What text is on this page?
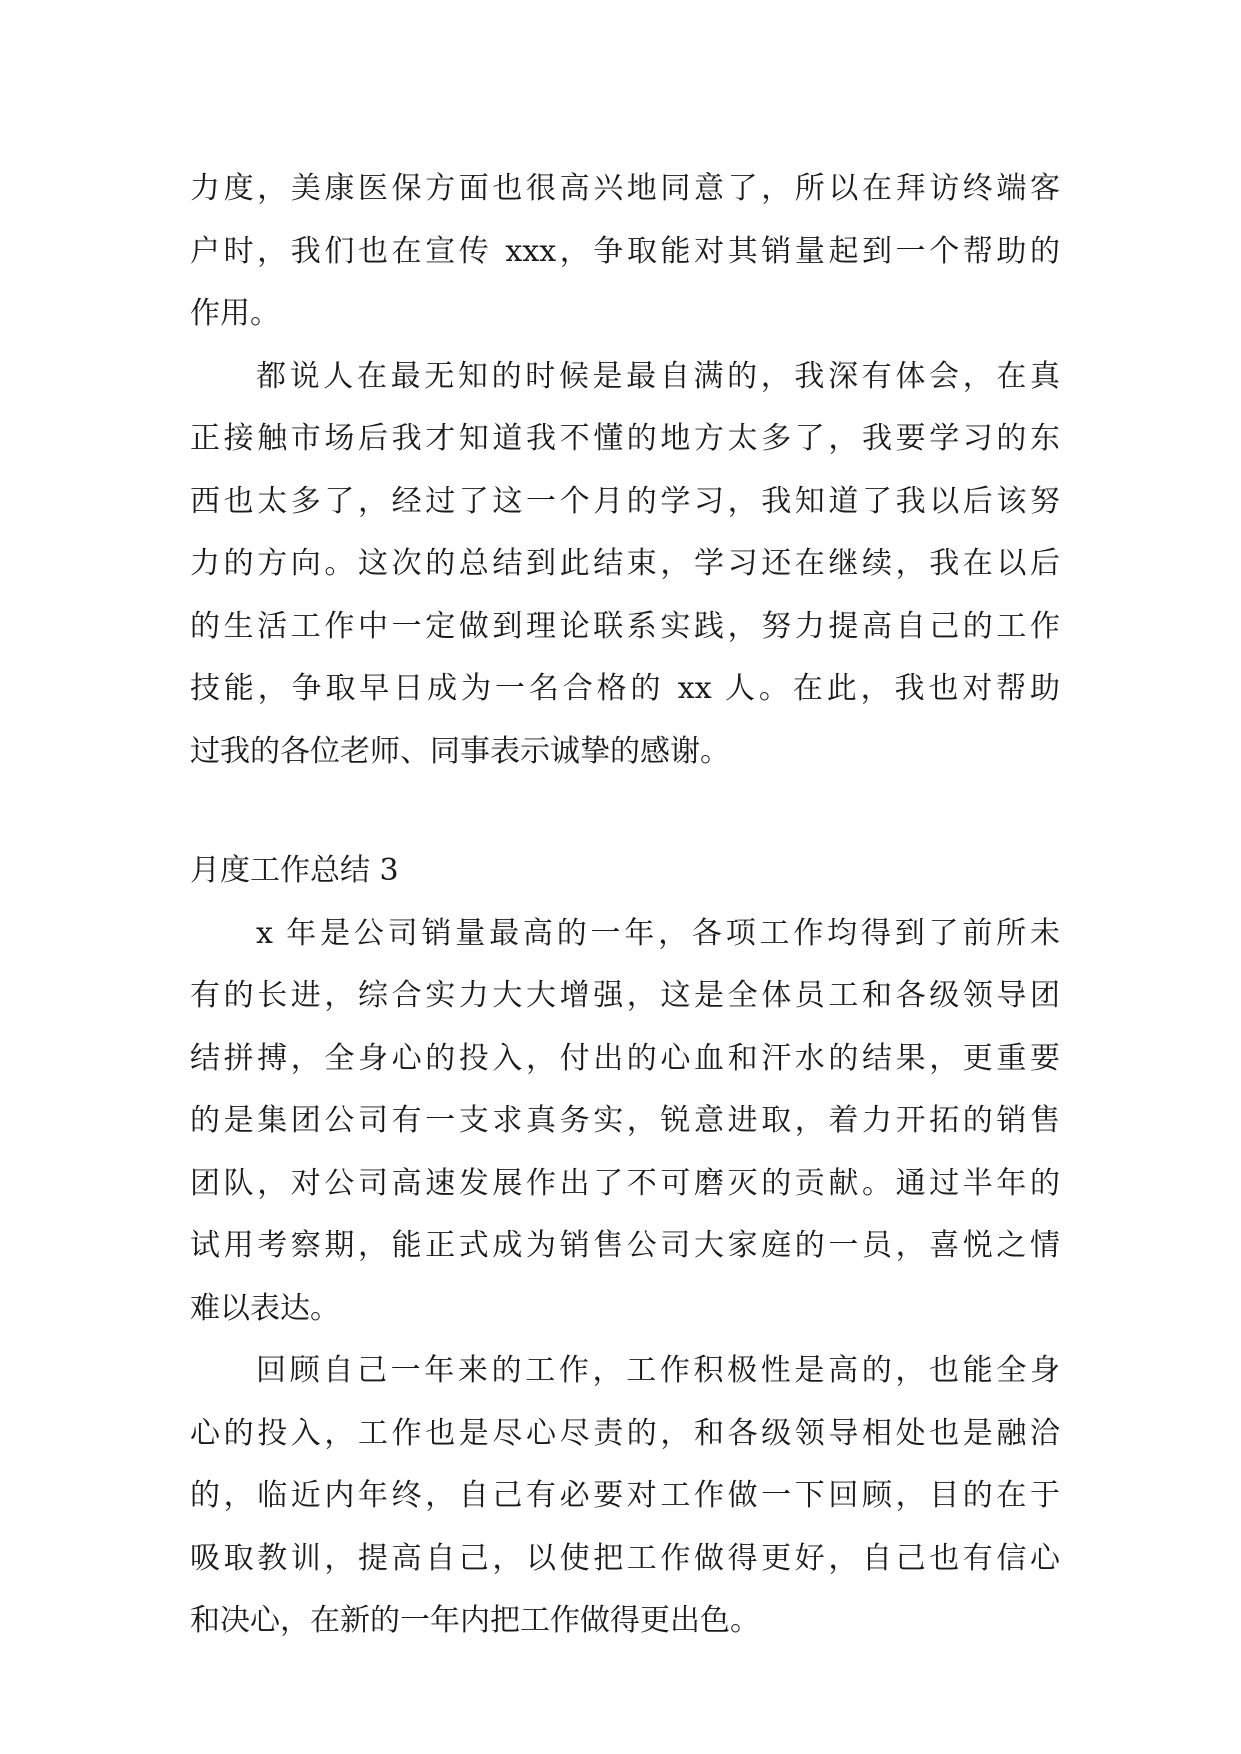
力度，美康医保方面也很高兴地同意了，所以在拜访终端客
户时，我们也在宣传 xxx，争取能对其销量起到一个帮助的
作用。
都说人在最无知的时候是最自满的，我深有体会，在真
正接触市场后我才知道我不懂的地方太多了，我要学习的东
西也太多了，经过了这一个月的学习，我知道了我以后该努
力的方向。这次的总结到此结束，学习还在继续，我在以后
的生活工作中一定做到理论联系实践，努力提高自己的工作
技能，争取早日成为一名合格的 xx 人。在此，我也对帮助
过我的各位老师、同事表示诚挚的感谢。
月度工作总结 3
x 年是公司销量最高的一年，各项工作均得到了前所未
有的长进，综合实力大大增强，这是全体员工和各级领导团
结拼搏，全身心的投入，付出的心血和汗水的结果，更重要
的是集团公司有一支求真务实，锐意进取，着力开拓的销售
团队，对公司高速发展作出了不可磨灭的贡献。通过半年的
试用考察期，能正式成为销售公司大家庭的一员，喜悦之情
难以表达。
回顾自己一年来的工作，工作积极性是高的，也能全身
心的投入，工作也是尽心尽责的，和各级领导相处也是融洽
的，临近内年终，自己有必要对工作做一下回顾，目的在于
吸取教训，提高自己，以使把工作做得更好，自己也有信心
和决心，在新的一年内把工作做得更出色。
